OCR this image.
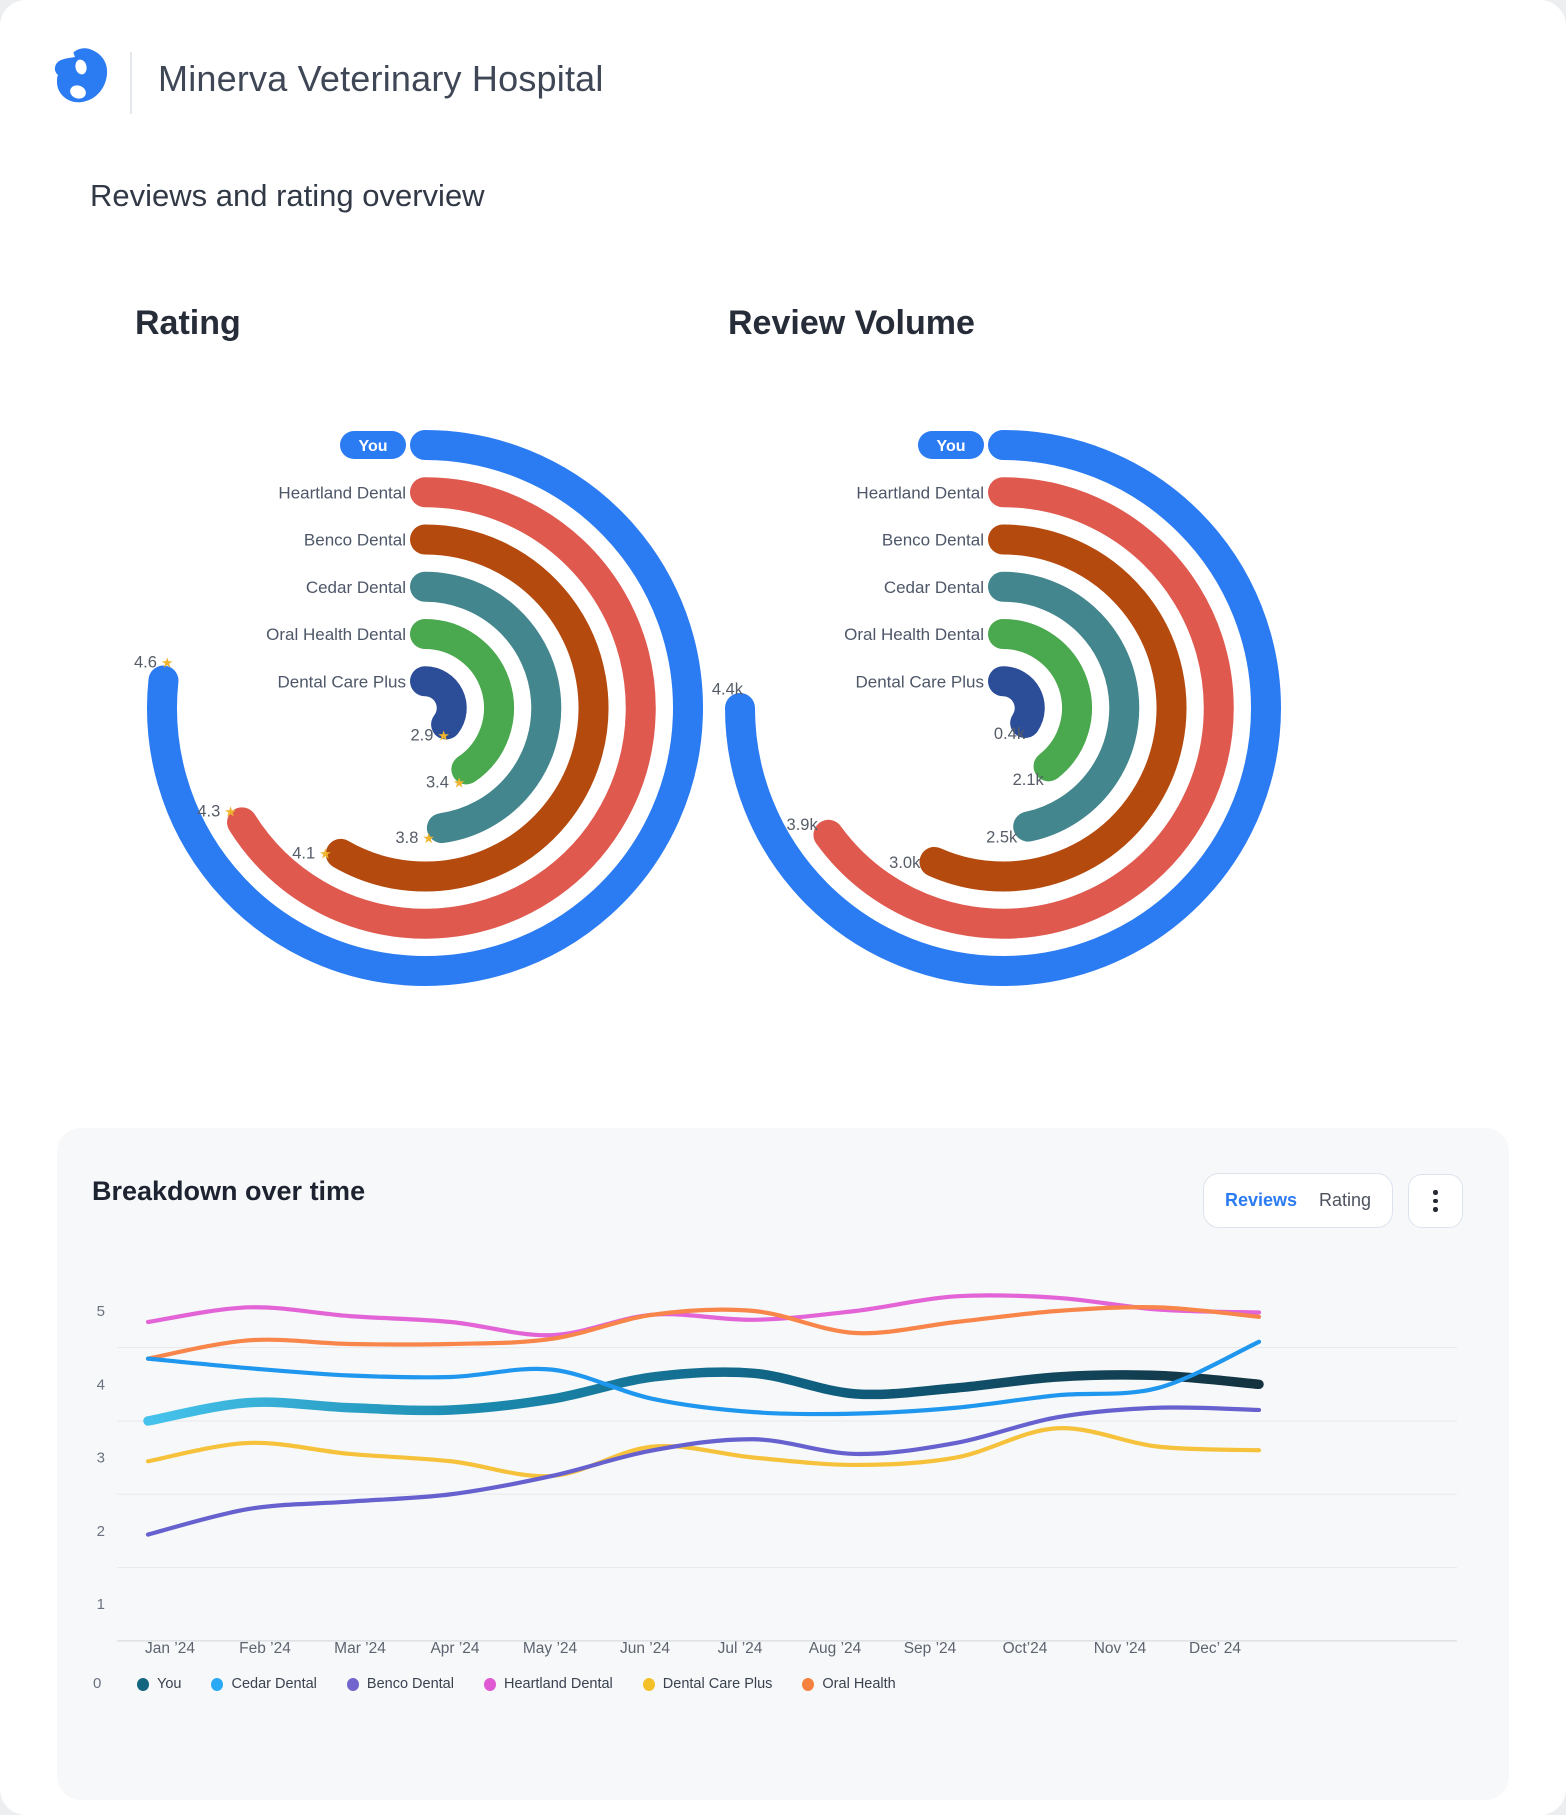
Minerva Veterinary Hospital
Reviews and rating overview
Rating	Review Volume
You
4.6 ★
Heartland Dental
4.3 ★
Benco Dental
4.1 ★
Cedar Dental
3.8 ★
Oral Health Dental
3.4 ★
Dental Care Plus
2.9 ★
You
4.4k
Heartland Dental
3.9k
Benco Dental
3.0k
Cedar Dental
2.5k
Oral Health Dental
2.1k
Dental Care Plus
0.4k
Breakdown over time	Reviews Rating
5
4
3
2
1
Jan ’24	Feb ’24	Mar ’24	Apr ’24	May ’24	Jun ’24	Jul ’24	Aug ’24	Sep ’24	Oct’24	Nov ’24	Dec’ 24
0	You	Cedar Dental	Benco Dental	Heartland Dental	Dental Care Plus	Oral Health
